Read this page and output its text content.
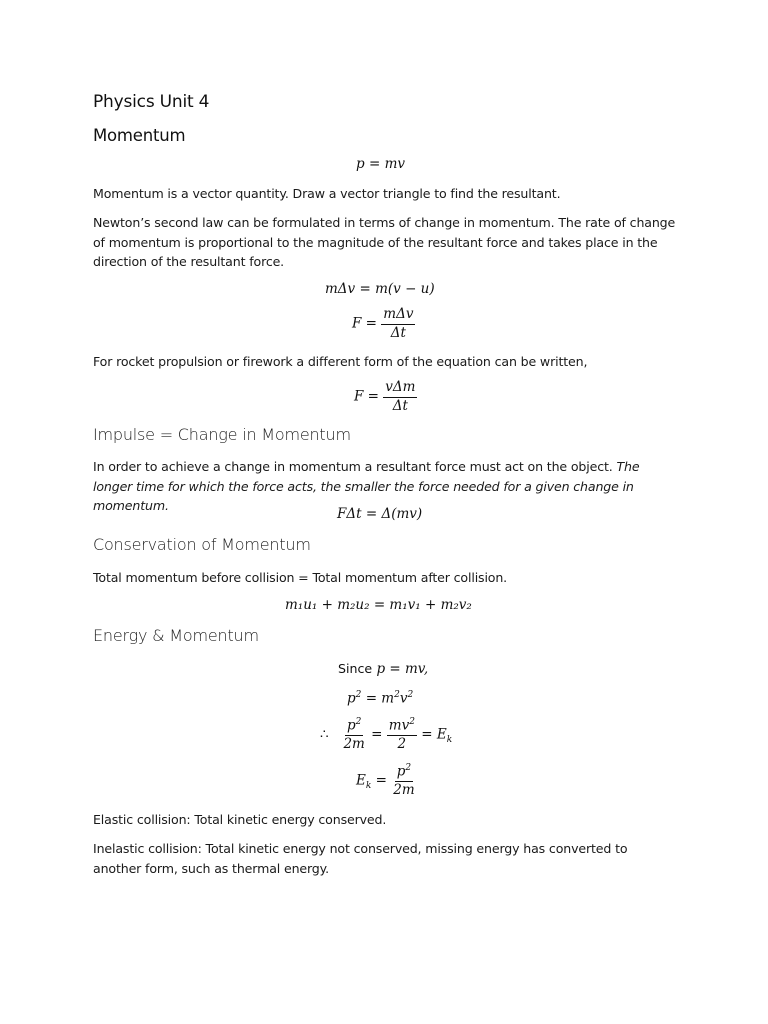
Physics Unit 4
Momentum
p = mv
Momentum is a vector quantity. Draw a vector triangle to find the resultant.
Newton’s second law can be formulated in terms of change in momentum. The rate of change of momentum is proportional to the magnitude of the resultant force and takes place in the direction of the resultant force.
mΔv = m(v − u)
$F = \frac{\text{mΔv}}{\Delta t}$
For rocket propulsion or firework a different form of the equation can be written,
$F = \frac{\text{vΔm}}{\Delta t}$
Impulse = Change in Momentum
In order to achieve a change in momentum a resultant force must act on the object. The longer time for which the force acts, the smaller the force needed for a given change in momentum.
FΔt = Δ(mv)
Conservation of Momentum
Total momentum before collision = Total momentum after collision.
m₁u₁ + m₂u₂ = m₁v₁ + m₂v₂
Energy & Momentum
Since p = mv,
$p^2 = m^2v^2$
∴ $\frac{p^2}{2m} = \frac{mv^2}{2} = E_k$
$E_k = \frac{p^2}{2m}$
Elastic collision: Total kinetic energy conserved.
Inelastic collision: Total kinetic energy not conserved, missing energy has converted to another form, such as thermal energy.
